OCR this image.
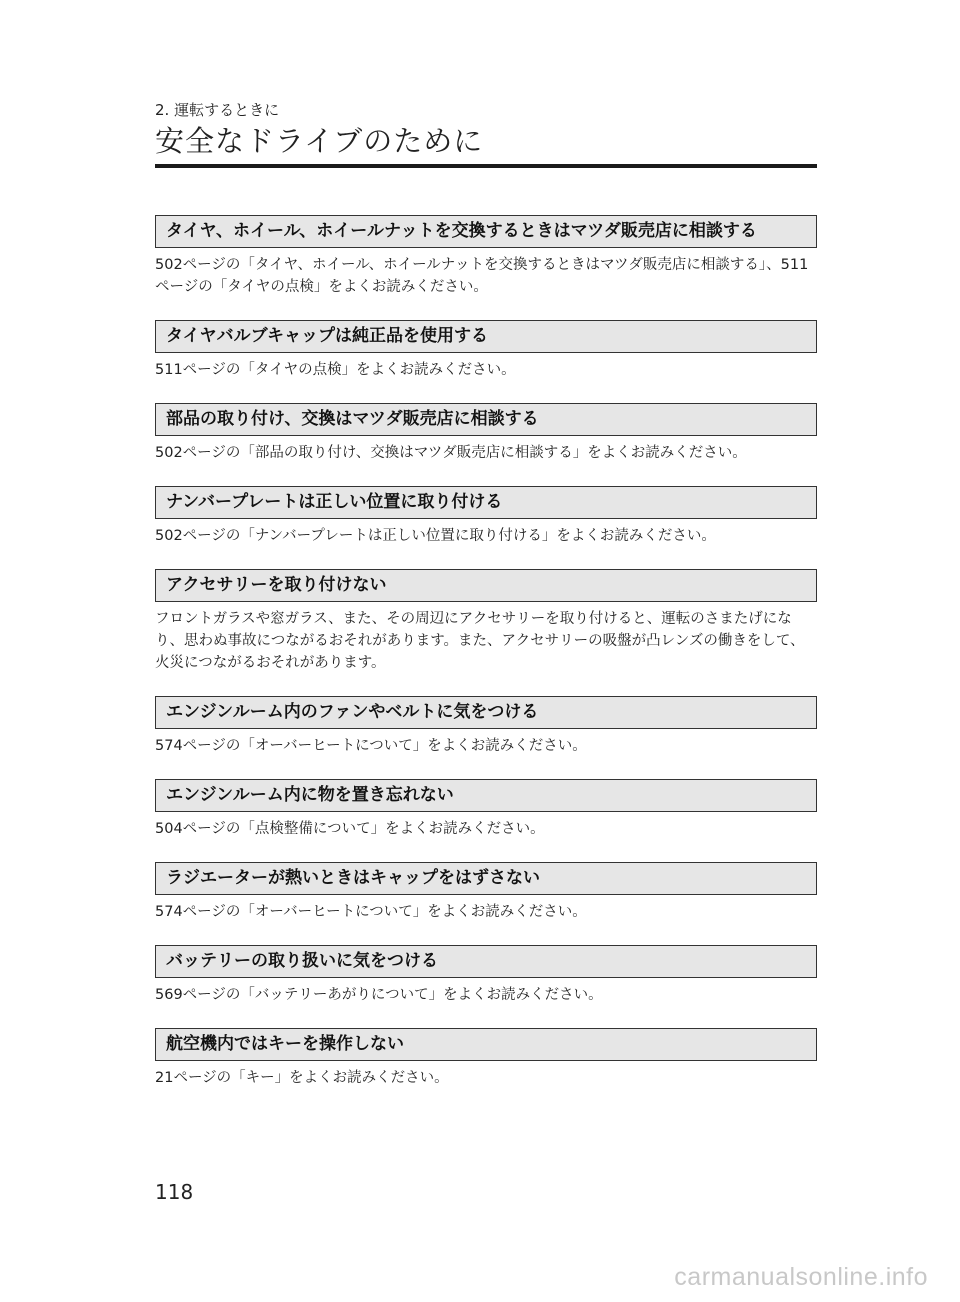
2. 運転するときに
安全なドライブのために
タイヤ、ホイール、ホイールナットを交換するときはマツダ販売店に相談する

502ページの「タイヤ、ホイール、ホイールナットを交換するときはマツダ販売店に相談する」、511ページの「タイヤの点検」をよくお読みください。

タイヤバルブキャップは純正品を使用する

511ページの「タイヤの点検」をよくお読みください。

部品の取り付け、交換はマツダ販売店に相談する

502ページの「部品の取り付け、交換はマツダ販売店に相談する」をよくお読みください。

ナンバープレートは正しい位置に取り付ける

502ページの「ナンバープレートは正しい位置に取り付ける」をよくお読みください。

アクセサリーを取り付けない

フロントガラスや窓ガラス、また、その周辺にアクセサリーを取り付けると、運転のさまたげになり、思わぬ事故につながるおそれがあります。また、アクセサリーの吸盤が凸レンズの働きをして、火災につながるおそれがあります。

エンジンルーム内のファンやベルトに気をつける

574ページの「オーバーヒートについて」をよくお読みください。

エンジンルーム内に物を置き忘れない

504ページの「点検整備について」をよくお読みください。

ラジエーターが熱いときはキャップをはずさない

574ページの「オーバーヒートについて」をよくお読みください。

バッテリーの取り扱いに気をつける

569ページの「バッテリーあがりについて」をよくお読みください。

航空機内ではキーを操作しない

21ページの「キー」をよくお読みください。

118
carmanualsonline.info
